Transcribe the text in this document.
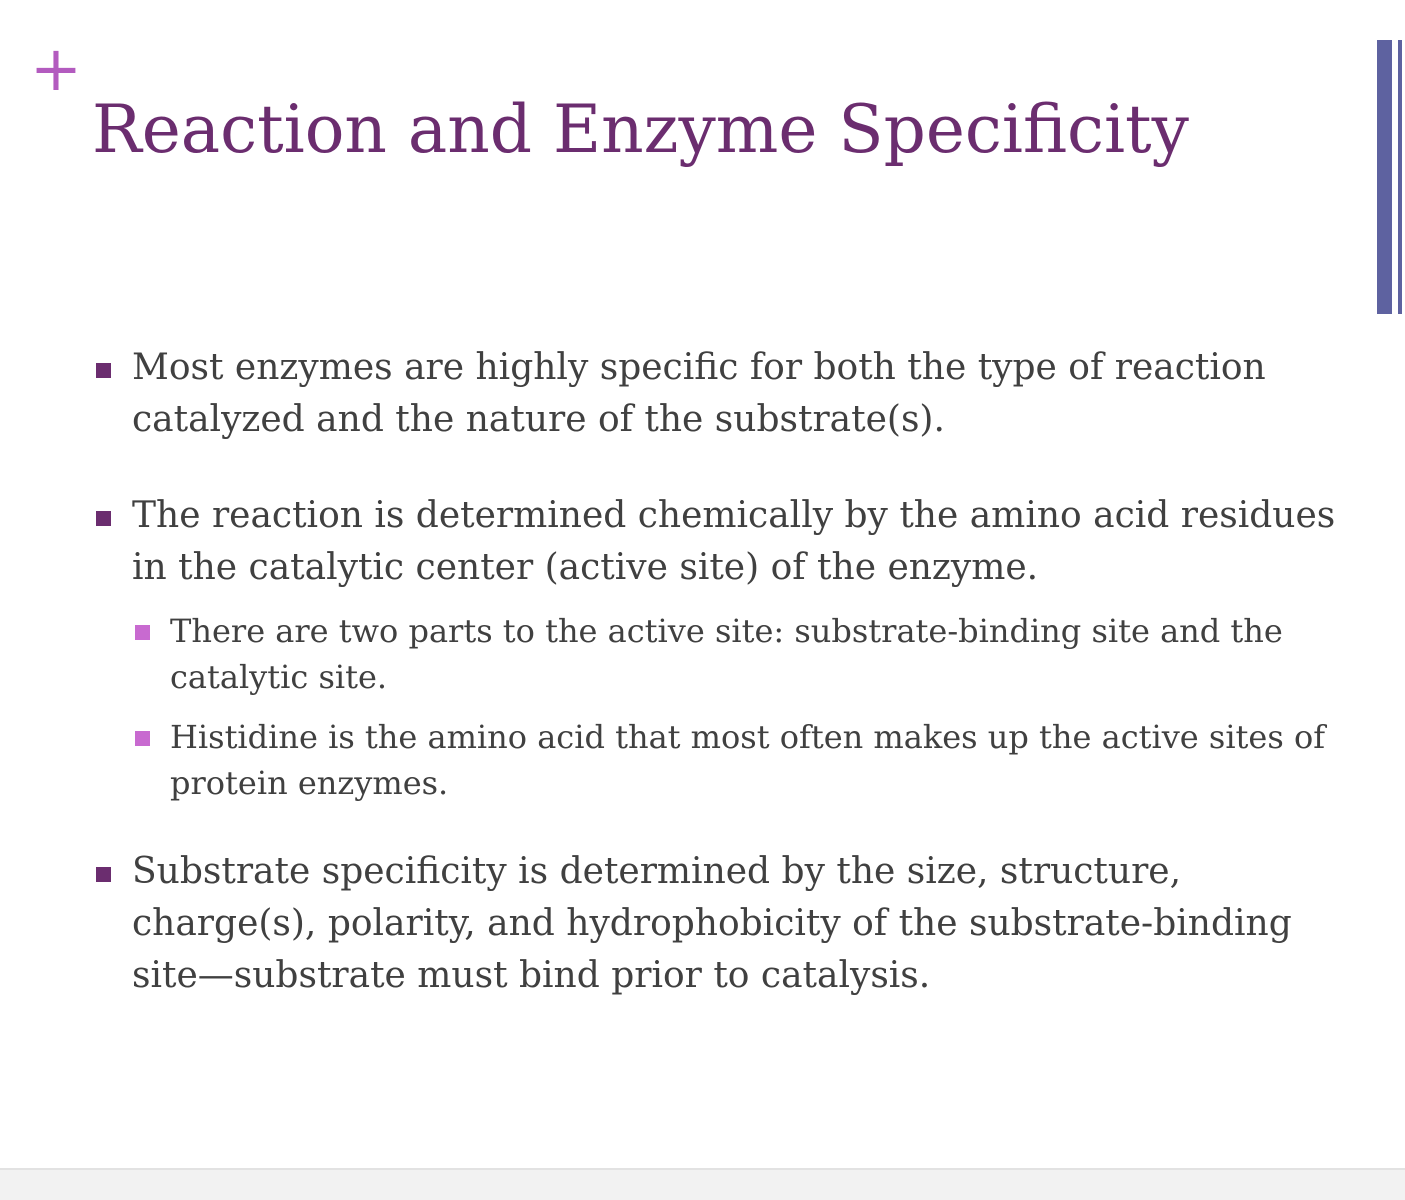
+
Reaction and Enzyme Specificity
Most enzymes are highly specific for both the type of reaction catalyzed and the nature of the substrate(s).
The reaction is determined chemically by the amino acid residues in the catalytic center (active site) of the enzyme.
There are two parts to the active site: substrate-binding site and the catalytic site.
Histidine is the amino acid that most often makes up the active sites of protein enzymes.
Substrate specificity is determined by the size, structure, charge(s), polarity, and hydrophobicity of the substrate-binding site—substrate must bind prior to catalysis.
